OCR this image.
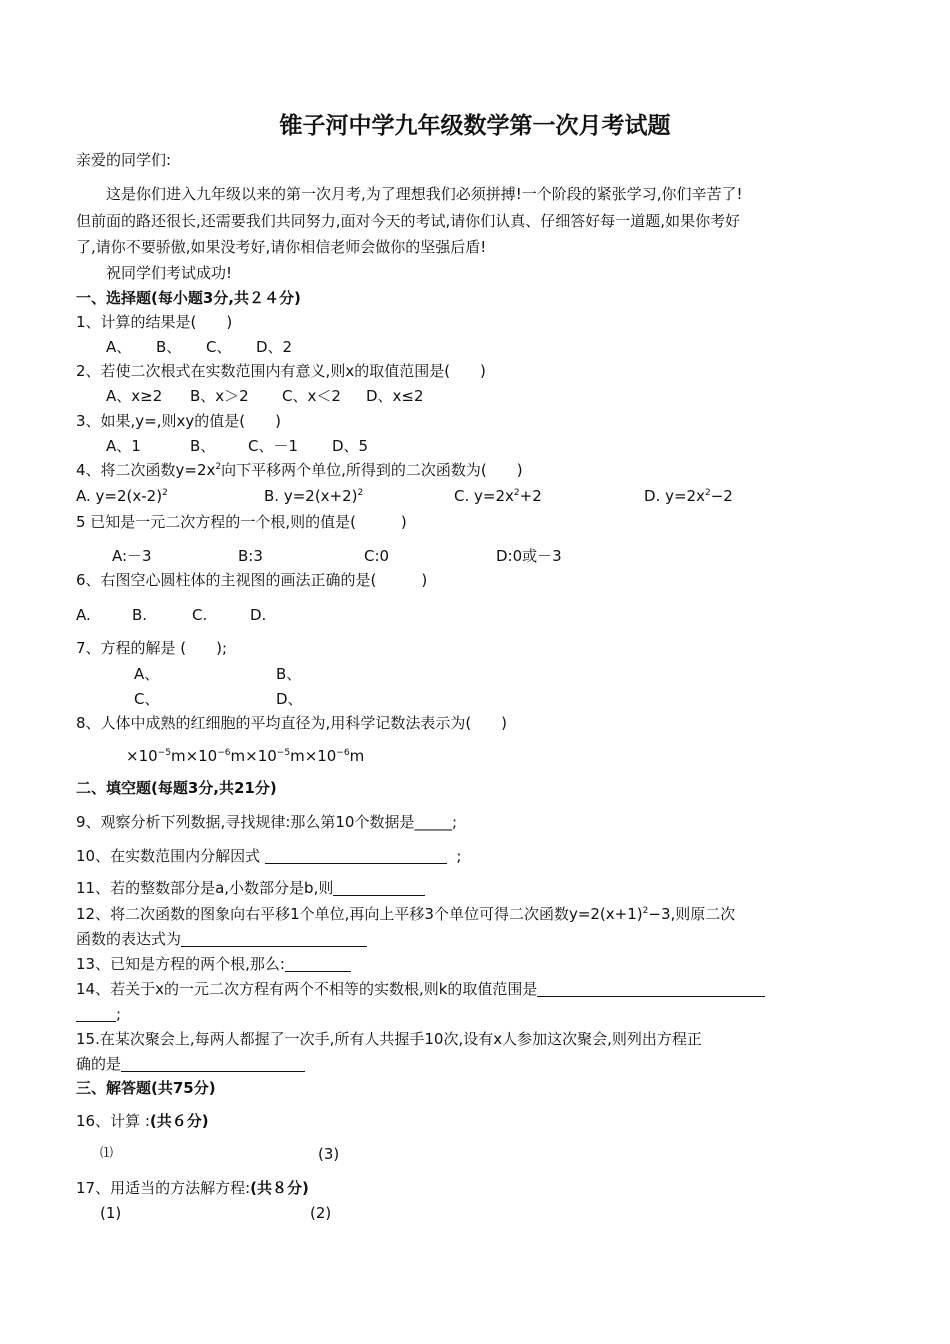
锥子河中学九年级数学第一次月考试题
亲爱的同学们:
这是你们进入九年级以来的第一次月考,为了理想我们必须拼搏!一个阶段的紧张学习,你们辛苦了!
但前面的路还很长,还需要我们共同努力,面对今天的考试,请你们认真、仔细答好每一道题,如果你考好
了,请你不要骄傲,如果没考好,请你相信老师会做你的坚强后盾!
祝同学们考试成功!
一、选择题(每小题3分,共２４分)
1、计算的结果是(　　)
A、 B、 C、 D、2
2、若使二次根式在实数范围内有意义,则x的取值范围是(　　)
A、x≥2 B、x＞2 C、x＜2 D、x≤2
3、如果,y=,则xy的值是(　　)
A、1	B、 C、－1 D、5
4、将二次函数$y=2x^2$向下平移两个单位,所得到的二次函数为(　　)
A. $y=2(x-2)^2$	B. $y=2(x+2)^2$	C. $y=2x^2+2$	D. $y=2x^2-2$
5 已知是一元二次方程的一个根,则的值是(　　　)
A:－3	B:3	C:0	D:0或－3
6、右图空心圆柱体的主视图的画法正确的是(　　　)
A.	B.	C.	D.
7、方程的解是 (　　);
A、	B、
C、	D、
8、人体中成熟的红细胞的平均直径为,用科学记数法表示为(　　)
$\times 10^{-5}m\times 10^{-6}m\times 10^{-5}m\times 10^{-6}m$
二、填空题(每题3分,共21分)
9、观察分析下列数据,寻找规律:那么第10个数据是_____;
10、在实数范围内分解因式	;
11、若的整数部分是a,小数部分是b,则
12、将二次函数的图象向右平移1个单位,再向上平移3个单位可得二次函数$y=2(x+1)^2-3$,则原二次
函数的表达式为
13、已知是方程的两个根,那么:
14、若关于x的一元二次方程有两个不相等的实数根,则k的取值范围是
;
15.在某次聚会上,每两人都握了一次手,所有人共握手10次,设有x人参加这次聚会,则列出方程正
确的是
三、解答题(共75分)
16、计算 :(共６分)
⑴	(3)
17、用适当的方法解方程:(共８分)
(1)	(2)
